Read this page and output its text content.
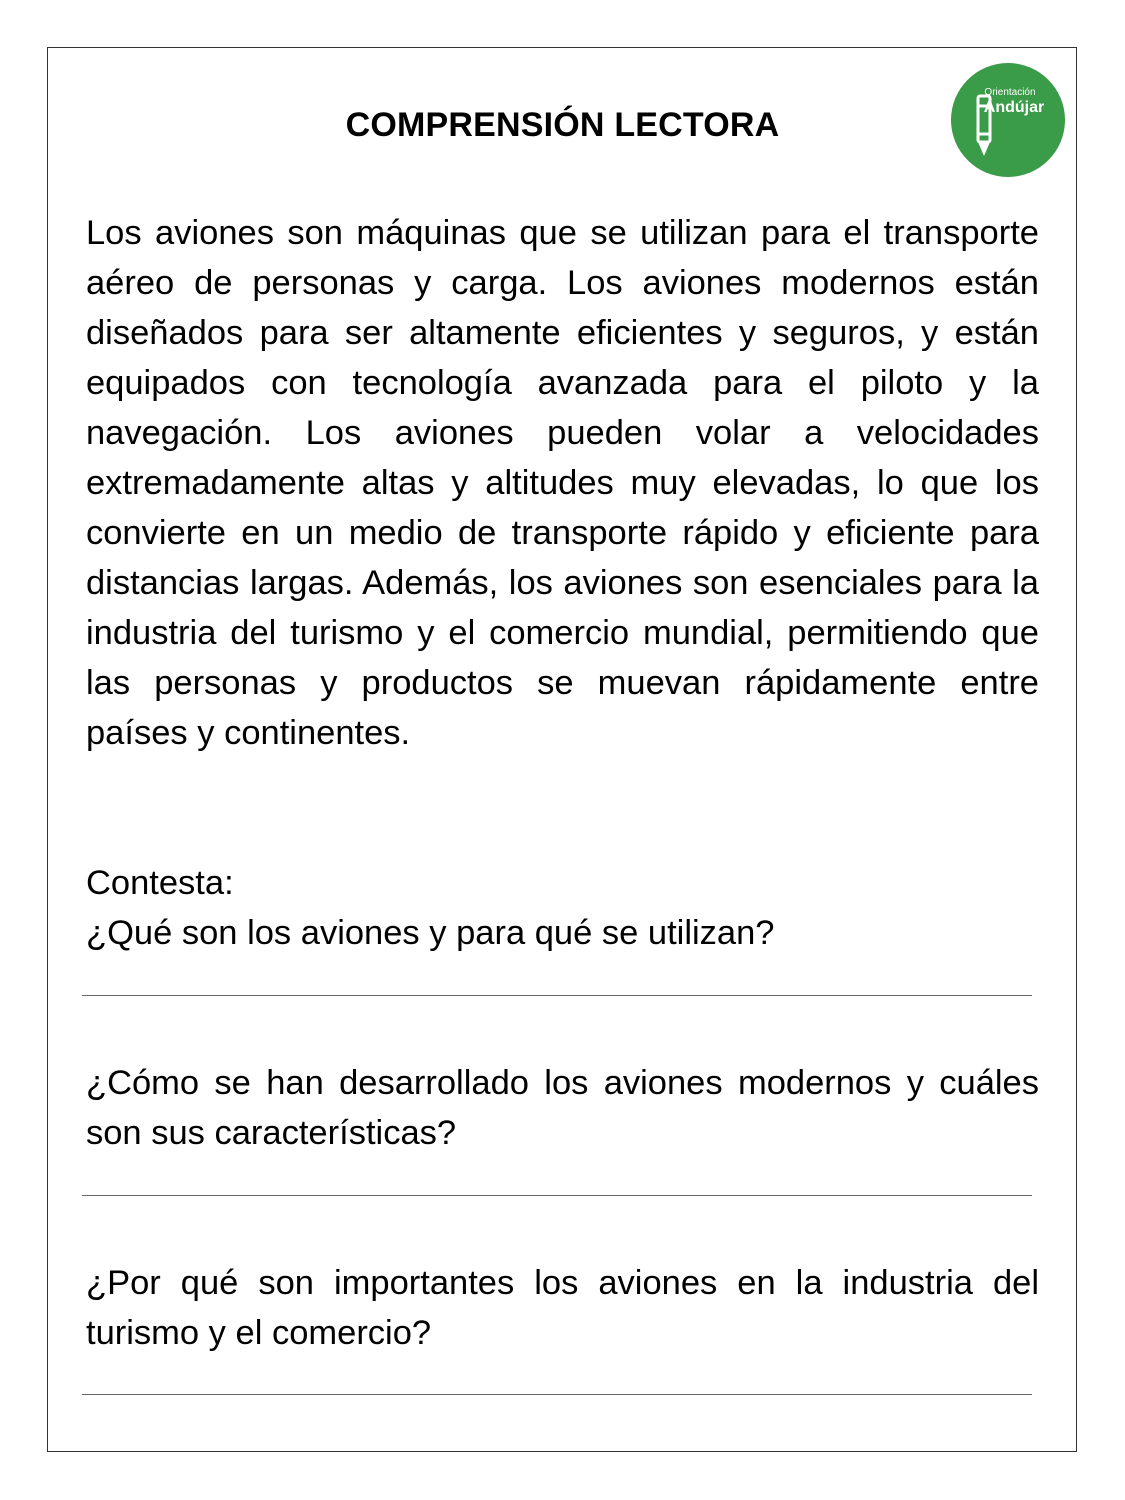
COMPRENSIÓN LECTORA
Orientación
Andújar
Los aviones son máquinas que se utilizan para el transporte aéreo de personas y carga. Los aviones modernos están diseñados para ser altamente eficientes y seguros, y están equipados con tecnología avanzada para el piloto y la navegación. Los aviones pueden volar a velocidades extremadamente altas y altitudes muy elevadas, lo que los convierte en un medio de transporte rápido y eficiente para distancias largas. Además, los aviones son esenciales para la industria del turismo y el comercio mundial, permitiendo que las personas y productos se muevan rápidamente entre países y continentes.
Contesta:
¿Qué son los aviones y para qué se utilizan?
¿Cómo se han desarrollado los aviones modernos y cuáles son sus características?
¿Por qué son importantes los aviones en la industria del turismo y el comercio?
